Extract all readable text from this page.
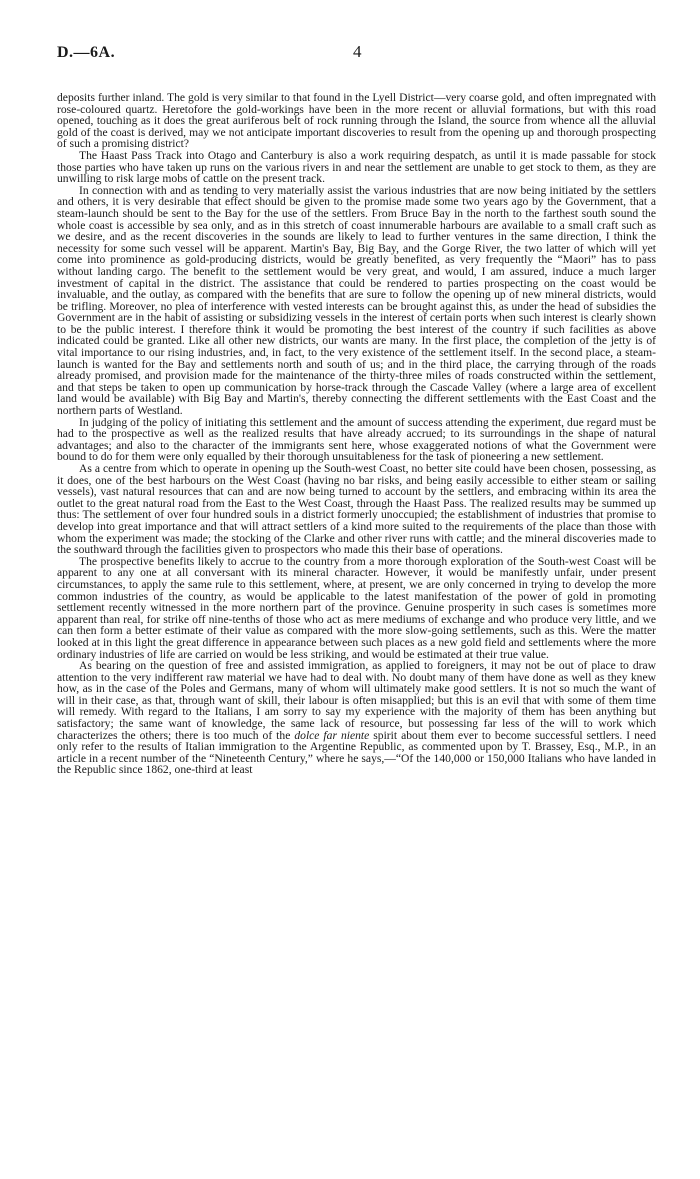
D.—6A.	4

deposits further inland. The gold is very similar to that found in the Lyell District—very coarse gold, and often impregnated with rose-coloured quartz. Heretofore the gold-workings have been in the more recent or alluvial formations, but with this road opened, touching as it does the great auriferous belt of rock running through the Island, the source from whence all the alluvial gold of the coast is derived, may we not anticipate important discoveries to result from the opening up and thorough prospecting of such a promising district?

The Haast Pass Track into Otago and Canterbury is also a work requiring despatch, as until it is made passable for stock those parties who have taken up runs on the various rivers in and near the settlement are unable to get stock to them, as they are unwilling to risk large mobs of cattle on the present track.

In connection with and as tending to very materially assist the various industries that are now being initiated by the settlers and others, it is very desirable that effect should be given to the promise made some two years ago by the Government, that a steam-launch should be sent to the Bay for the use of the settlers. From Bruce Bay in the north to the farthest south sound the whole coast is accessible by sea only, and as in this stretch of coast innumerable harbours are available to a small craft such as we desire, and as the recent discoveries in the sounds are likely to lead to further ventures in the same direction, I think the necessity for some such vessel will be apparent. Martin's Bay, Big Bay, and the Gorge River, the two latter of which will yet come into prominence as gold-producing districts, would be greatly benefited, as very frequently the “Maori” has to pass without landing cargo. The benefit to the settlement would be very great, and would, I am assured, induce a much larger investment of capital in the district. The assistance that could be rendered to parties prospecting on the coast would be invaluable, and the outlay, as compared with the benefits that are sure to follow the opening up of new mineral districts, would be trifling. Moreover, no plea of interference with vested interests can be brought against this, as under the head of subsidies the Government are in the habit of assisting or subsidizing vessels in the interest of certain ports when such interest is clearly shown to be the public interest. I therefore think it would be promoting the best interest of the country if such facilities as above indicated could be granted. Like all other new districts, our wants are many. In the first place, the completion of the jetty is of vital importance to our rising industries, and, in fact, to the very existence of the settlement itself. In the second place, a steam-launch is wanted for the Bay and settlements north and south of us; and in the third place, the carrying through of the roads already promised, and provision made for the maintenance of the thirty-three miles of roads constructed within the settlement, and that steps be taken to open up communication by horse-track through the Cascade Valley (where a large area of excellent land would be available) with Big Bay and Martin's, thereby connecting the different settlements with the East Coast and the northern parts of Westland.

In judging of the policy of initiating this settlement and the amount of success attending the experiment, due regard must be had to the prospective as well as the realized results that have already accrued; to its surroundings in the shape of natural advantages; and also to the character of the immigrants sent here, whose exaggerated notions of what the Government were bound to do for them were only equalled by their thorough unsuitableness for the task of pioneering a new settlement.

As a centre from which to operate in opening up the South-west Coast, no better site could have been chosen, possessing, as it does, one of the best harbours on the West Coast (having no bar risks, and being easily accessible to either steam or sailing vessels), vast natural resources that can and are now being turned to account by the settlers, and embracing within its area the outlet to the great natural road from the East to the West Coast, through the Haast Pass. The realized results may be summed up thus: The settlement of over four hundred souls in a district formerly unoccupied; the establishment of industries that promise to develop into great importance and that will attract settlers of a kind more suited to the requirements of the place than those with whom the experiment was made; the stocking of the Clarke and other river runs with cattle; and the mineral discoveries made to the southward through the facilities given to prospectors who made this their base of operations.

The prospective benefits likely to accrue to the country from a more thorough exploration of the South-west Coast will be apparent to any one at all conversant with its mineral character. However, it would be manifestly unfair, under present circumstances, to apply the same rule to this settlement, where, at present, we are only concerned in trying to develop the more common industries of the country, as would be applicable to the latest manifestation of the power of gold in promoting settlement recently witnessed in the more northern part of the province. Genuine prosperity in such cases is sometimes more apparent than real, for strike off nine-tenths of those who act as mere mediums of exchange and who produce very little, and we can then form a better estimate of their value as compared with the more slow-going settlements, such as this. Were the matter looked at in this light the great difference in appearance between such places as a new gold field and settlements where the more ordinary industries of life are carried on would be less striking, and would be estimated at their true value.

As bearing on the question of free and assisted immigration, as applied to foreigners, it may not be out of place to draw attention to the very indifferent raw material we have had to deal with. No doubt many of them have done as well as they knew how, as in the case of the Poles and Germans, many of whom will ultimately make good settlers. It is not so much the want of will in their case, as that, through want of skill, their labour is often misapplied; but this is an evil that with some of them time will remedy. With regard to the Italians, I am sorry to say my experience with the majority of them has been anything but satisfactory; the same want of knowledge, the same lack of resource, but possessing far less of the will to work which characterizes the others; there is too much of the dolce far niente spirit about them ever to become successful settlers. I need only refer to the results of Italian immigration to the Argentine Republic, as commented upon by T. Brassey, Esq., M.P., in an article in a recent number of the “Nineteenth Century,” where he says,—“Of the 140,000 or 150,000 Italians who have landed in the Republic since 1862, one-third at least
